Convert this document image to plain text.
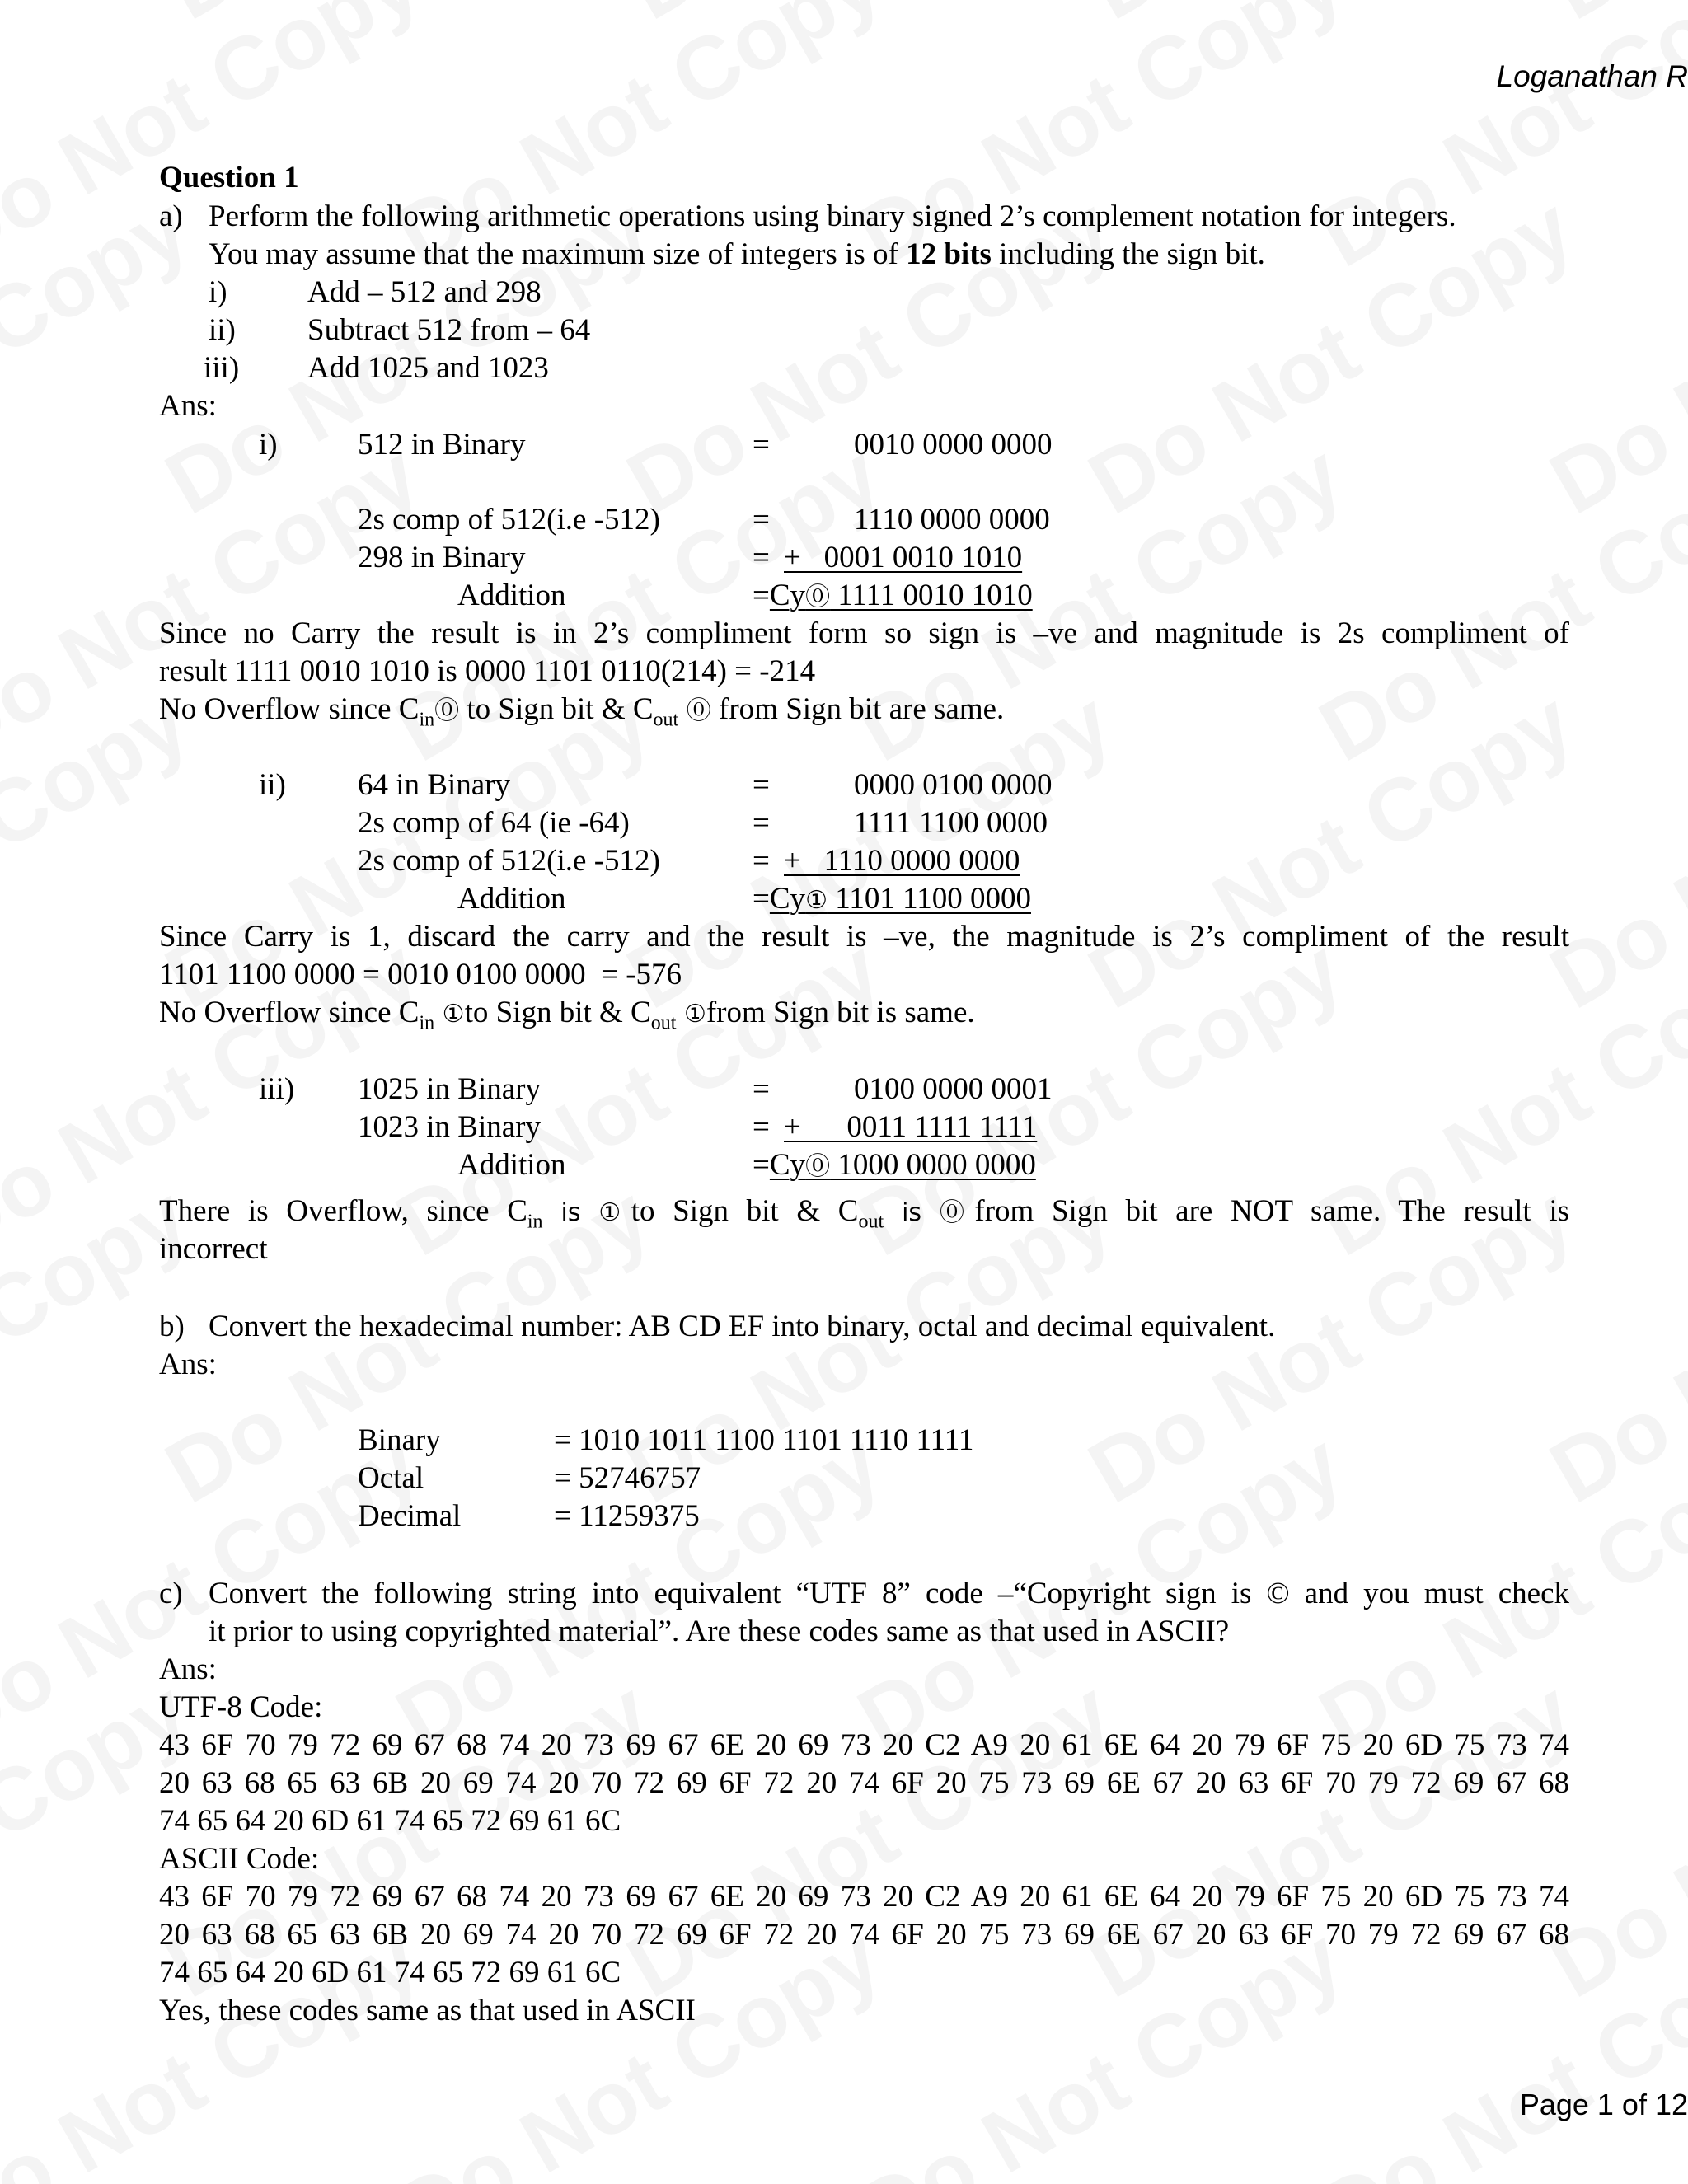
Loganathan R
Page 1 of 12
Question 1
a) Perform the following arithmetic operations using binary signed 2’s complement notation for integers.
You may assume that the maximum size of integers is of 12 bits including the sign bit.
i)	Add – 512 and 298
ii) Subtract 512 from – 64
iii) Add 1025 and 1023
Ans:
i)	512 in Binary	=	0010 0000 0000
2s comp of 512(i.e -512)	=	1110 0000 0000
298 in Binary	= +   0001 0010 1010
Addition	=Cy⓪ 1111 0010 1010
Since no Carry the result is in 2’s compliment form so sign is –ve and magnitude is 2s compliment of
result 1111 0010 1010 is 0000 1101 0110(214) = -214
No Overflow since $C_{in}⓪$ to Sign bit & $C_{out}$ ⓪ from Sign bit are same.
ii) 64 in Binary	=	0000 0100 0000
2s comp of 64 (ie -64)	=	1111 1100 0000
2s comp of 512(i.e -512)	= +   1110 0000 0000
Addition	=Cy① 1101 1100 0000
Since Carry is 1, discard the carry and the result is –ve, the magnitude is 2’s compliment of the result
1101 1100 0000 = 0010 0100 0000  = -576
No Overflow since $C_{in}$ ①to Sign bit & $C_{out}$ ①from Sign bit is same.
iii) 1025 in Binary	=	0100 0000 0001
1023 in Binary	= +      0011 1111 1111
Addition	=Cy⓪ 1000 0000 0000
There is Overflow, since $C_{in}$ is ①to Sign bit & $C_{out}$ is ⓪from Sign bit are NOT same. The result is
incorrect
b) Convert the hexadecimal number: AB CD EF into binary, octal and decimal equivalent.
Ans:
Binary	= 1010 1011 1100 1101 1110 1111
Octal	= 52746757
Decimal	= 11259375
c) Convert the following string into equivalent “UTF 8” code –“Copyright sign is © and you must check
it prior to using copyrighted material”. Are these codes same as that used in ASCII?
Ans:
UTF-8 Code:
43 6F 70 79 72 69 67 68 74 20 73 69 67 6E 20 69 73 20 C2 A9 20 61 6E 64 20 79 6F 75 20 6D 75 73 74
20 63 68 65 63 6B 20 69 74 20 70 72 69 6F 72 20 74 6F 20 75 73 69 6E 67 20 63 6F 70 79 72 69 67 68
74 65 64 20 6D 61 74 65 72 69 61 6C
ASCII Code:
43 6F 70 79 72 69 67 68 74 20 73 69 67 6E 20 69 73 20 C2 A9 20 61 6E 64 20 79 6F 75 20 6D 75 73 74
20 63 68 65 63 6B 20 69 74 20 70 72 69 6F 72 20 74 6F 20 75 73 69 6E 67 20 63 6F 70 79 72 69 67 68
74 65 64 20 6D 61 74 65 72 69 61 6C
Yes, these codes same as that used in ASCII
